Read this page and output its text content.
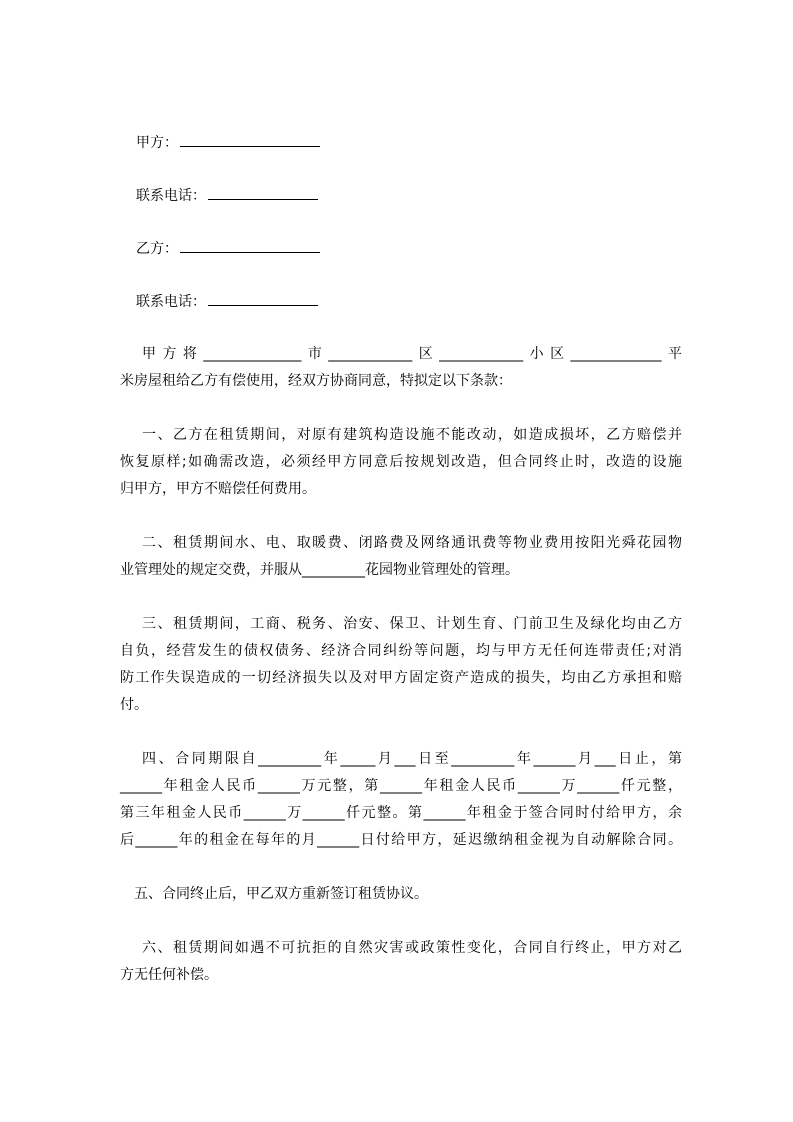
甲方：
联系电话：
乙方：
联系电话：
甲方将______________市____________区____________小区_____________平
米房屋租给乙方有偿使用，经双方协商同意，特拟定以下条款：
一、乙方在租赁期间，对原有建筑构造设施不能改动，如造成损坏，乙方赔偿并
恢复原样;如确需改造，必须经甲方同意后按规划改造，但合同终止时，改造的设施
归甲方，甲方不赔偿任何费用。
二、租赁期间水、电、取暖费、闭路费及网络通讯费等物业费用按阳光舜花园物
业管理处的规定交费，并服从_________花园物业管理处的管理。
三、租赁期间，工商、税务、治安、保卫、计划生育、门前卫生及绿化均由乙方
自负，经营发生的债权债务、经济合同纠纷等问题，均与甲方无任何连带责任;对消
防工作失误造成的一切经济损失以及对甲方固定资产造成的损失，均由乙方承担和赔
付。
四、合同期限自_________年_____月___日至_________年______月___日止，第
______年租金人民币______万元整，第______年租金人民币______万______仟元整，
第三年租金人民币______万______仟元整。第______年租金于签合同时付给甲方，余
后______年的租金在每年的月______日付给甲方，延迟缴纳租金视为自动解除合同。
五、合同终止后，甲乙双方重新签订租赁协议。
六、租赁期间如遇不可抗拒的自然灾害或政策性变化，合同自行终止，甲方对乙
方无任何补偿。
